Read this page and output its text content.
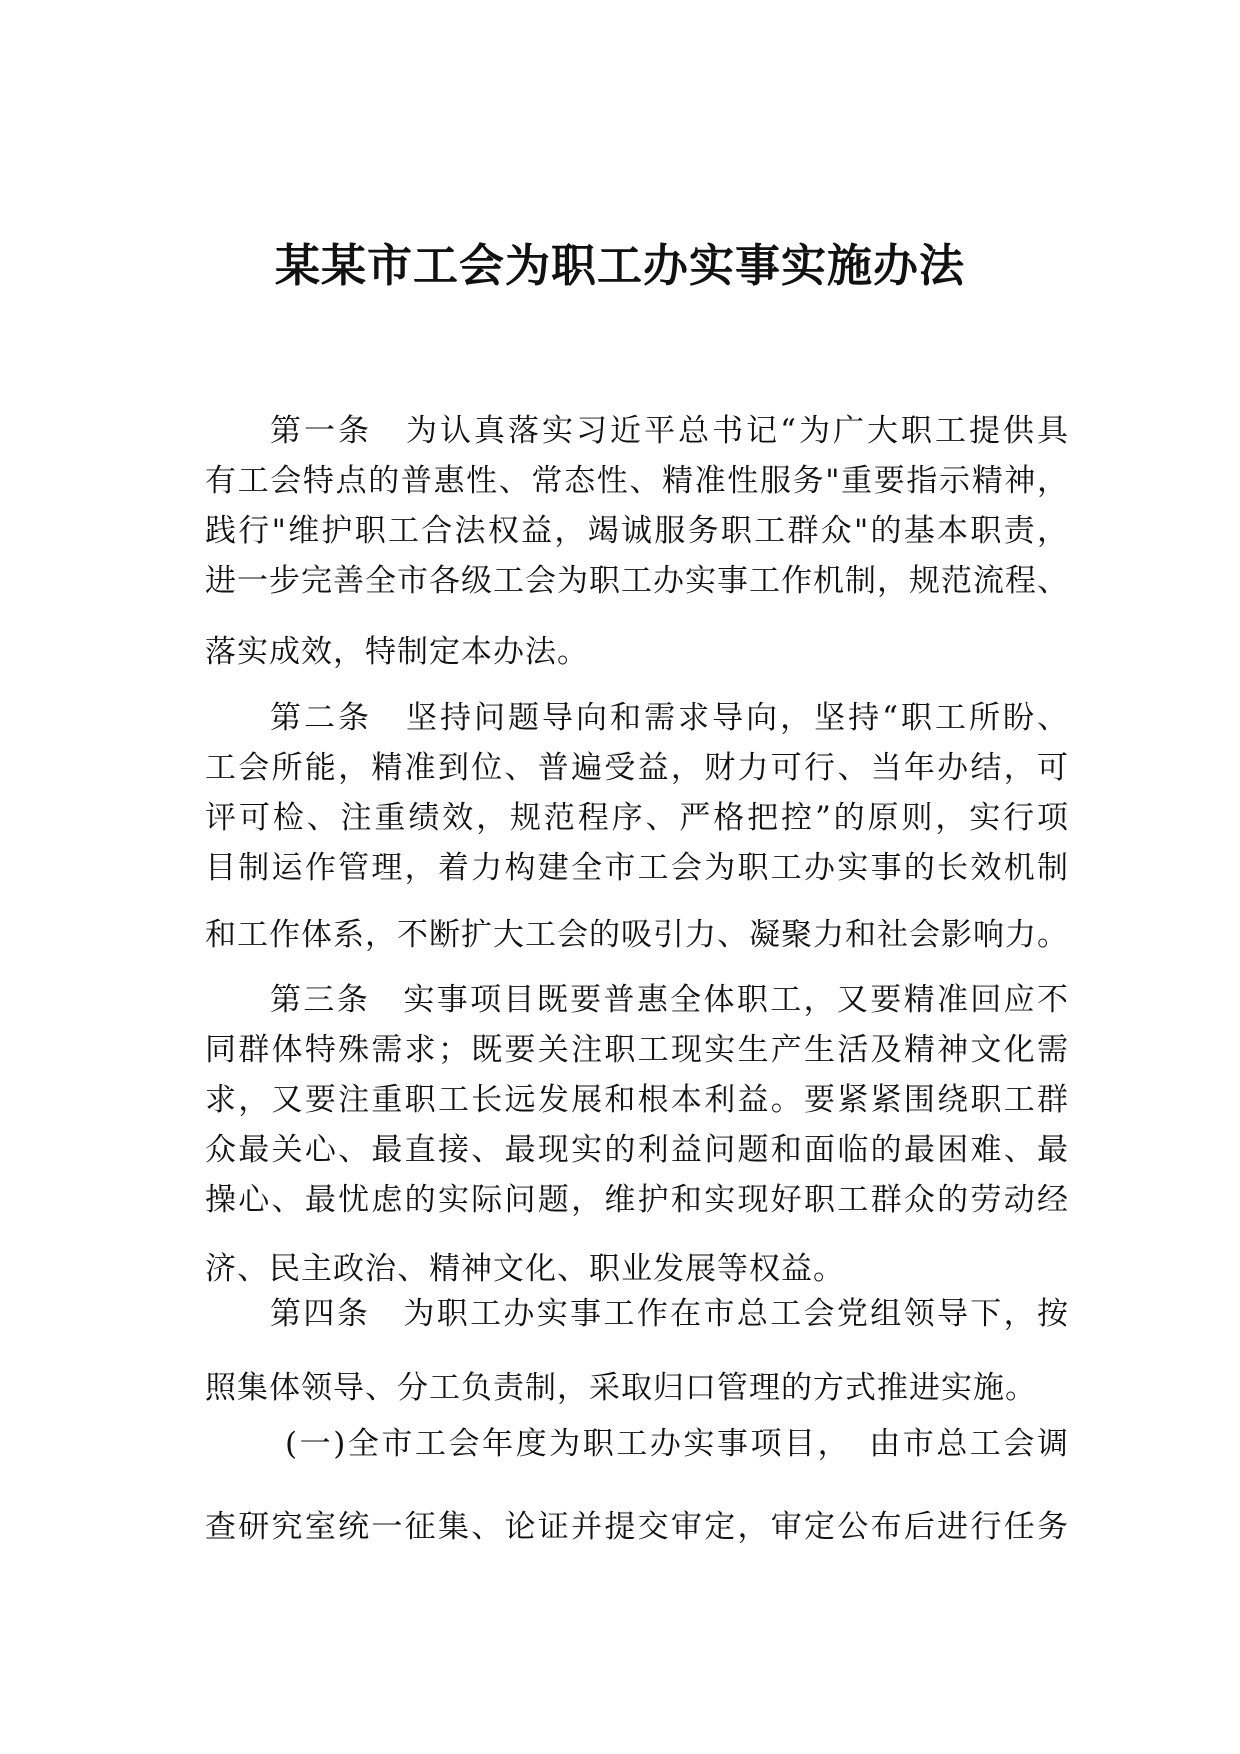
某某市工会为职工办实事实施办法

第一条　为认真落实习近平总书记“为广大职工提供具

有工会特点的普惠性、常态性、精准性服务"重要指示精神，

践行"维护职工合法权益，竭诚服务职工群众"的基本职责，

进一步完善全市各级工会为职工办实事工作机制，规范流程、

落实成效，特制定本办法。

第二条　坚持问题导向和需求导向，坚持“职工所盼、

工会所能，精准到位、普遍受益，财力可行、当年办结，可

评可检、注重绩效，规范程序、严格把控”的原则，实行项

目制运作管理，着力构建全市工会为职工办实事的长效机制

和工作体系，不断扩大工会的吸引力、凝聚力和社会影响力。

第三条　实事项目既要普惠全体职工，又要精准回应不

同群体特殊需求；既要关注职工现实生产生活及精神文化需

求，又要注重职工长远发展和根本利益。要紧紧围绕职工群

众最关心、最直接、最现实的利益问题和面临的最困难、最

操心、最忧虑的实际问题，维护和实现好职工群众的劳动经

济、民主政治、精神文化、职业发展等权益。

第四条　为职工办实事工作在市总工会党组领导下，按

照集体领导、分工负责制，采取归口管理的方式推进实施。

(一)全市工会年度为职工办实事项目，　由市总工会调

查研究室统一征集、论证并提交审定，审定公布后进行任务
